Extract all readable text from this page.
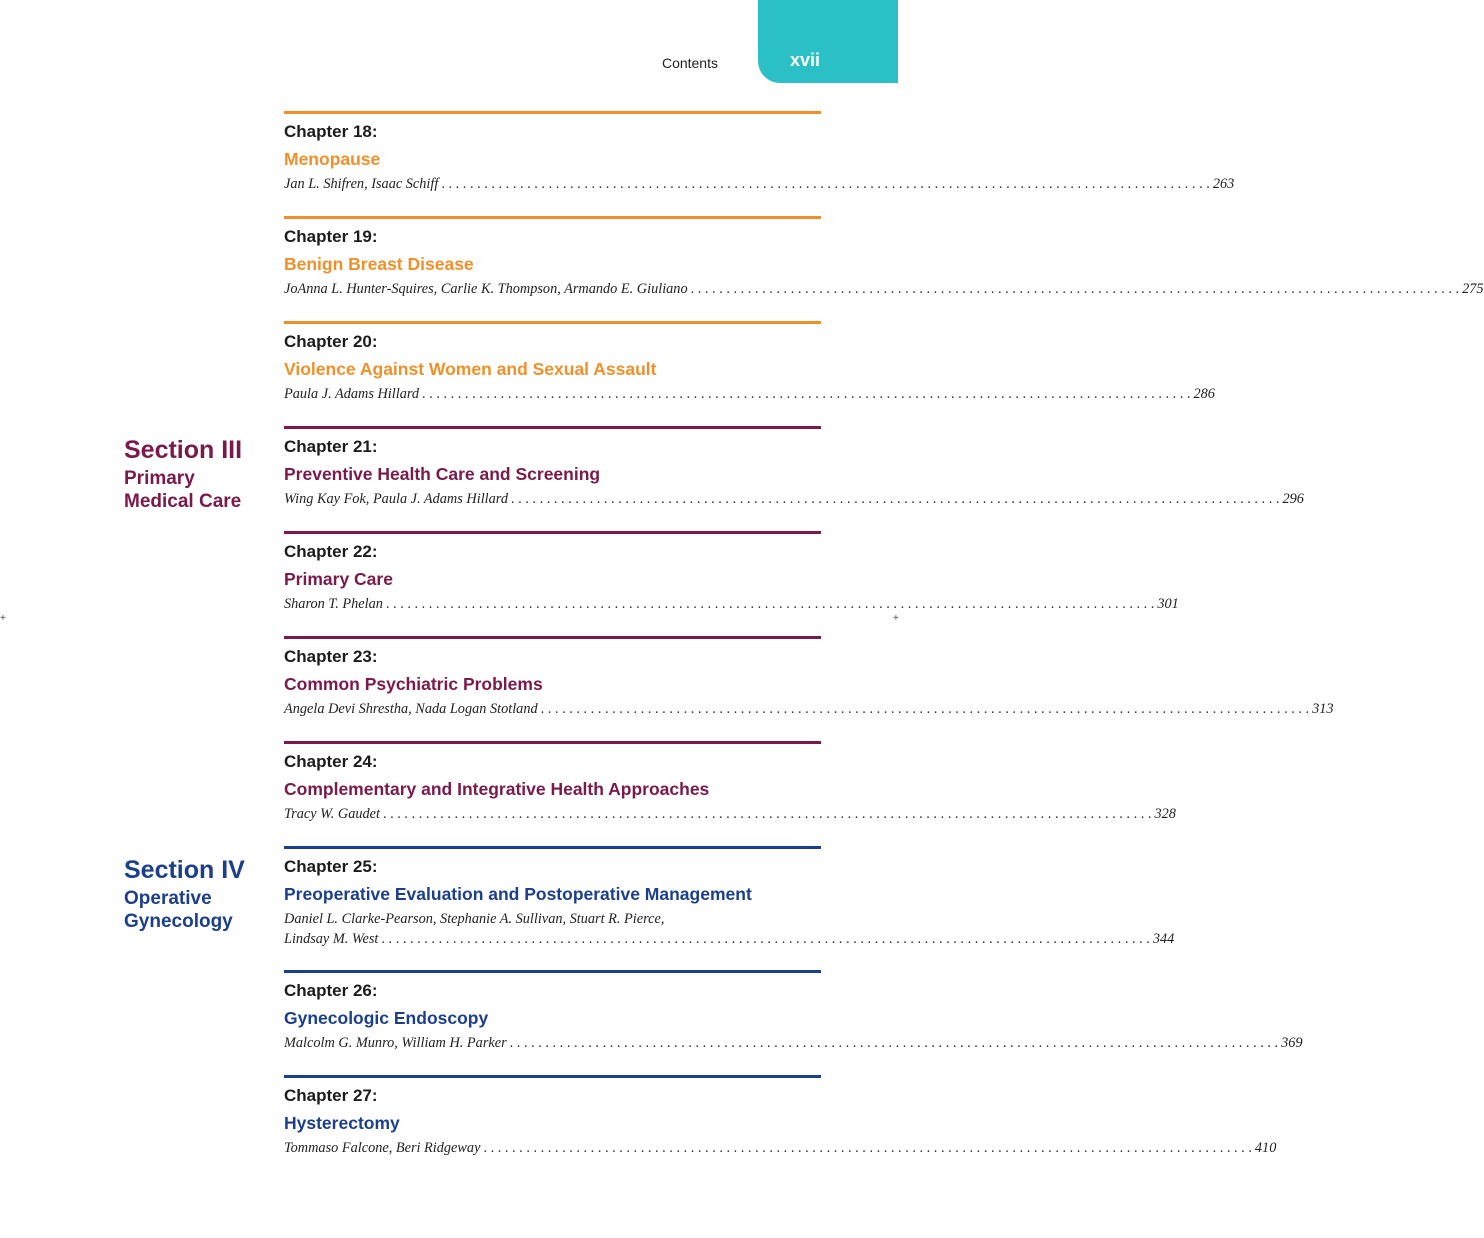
Contents	xvii
+	+
Section III
Primary
Medical Care
Section IV
Operative
Gynecology
Chapter 18:
Menopause
Jan L. Shifren, Isaac Schiff . . .	263
Chapter 19:
Benign Breast Disease
JoAnna L. Hunter-Squires, Carlie K. Thompson, Armando E. Giuliano . . .	275
Chapter 20:
Violence Against Women and Sexual Assault
Paula J. Adams Hillard . . .	286
Chapter 21:
Preventive Health Care and Screening
Wing Kay Fok, Paula J. Adams Hillard . . .	296
Chapter 22:
Primary Care
Sharon T. Phelan . . .	301
Chapter 23:
Common Psychiatric Problems
Angela Devi Shrestha, Nada Logan Stotland . . .	313
Chapter 24:
Complementary and Integrative Health Approaches
Tracy W. Gaudet . . .	328
Chapter 25:
Preoperative Evaluation and Postoperative Management
Daniel L. Clarke-Pearson, Stephanie A. Sullivan, Stuart R. Pierce,
Lindsay M. West . . .	344
Chapter 26:
Gynecologic Endoscopy
Malcolm G. Munro, William H. Parker . . .	369
Chapter 27:
Hysterectomy
Tommaso Falcone, Beri Ridgeway . . .	410
